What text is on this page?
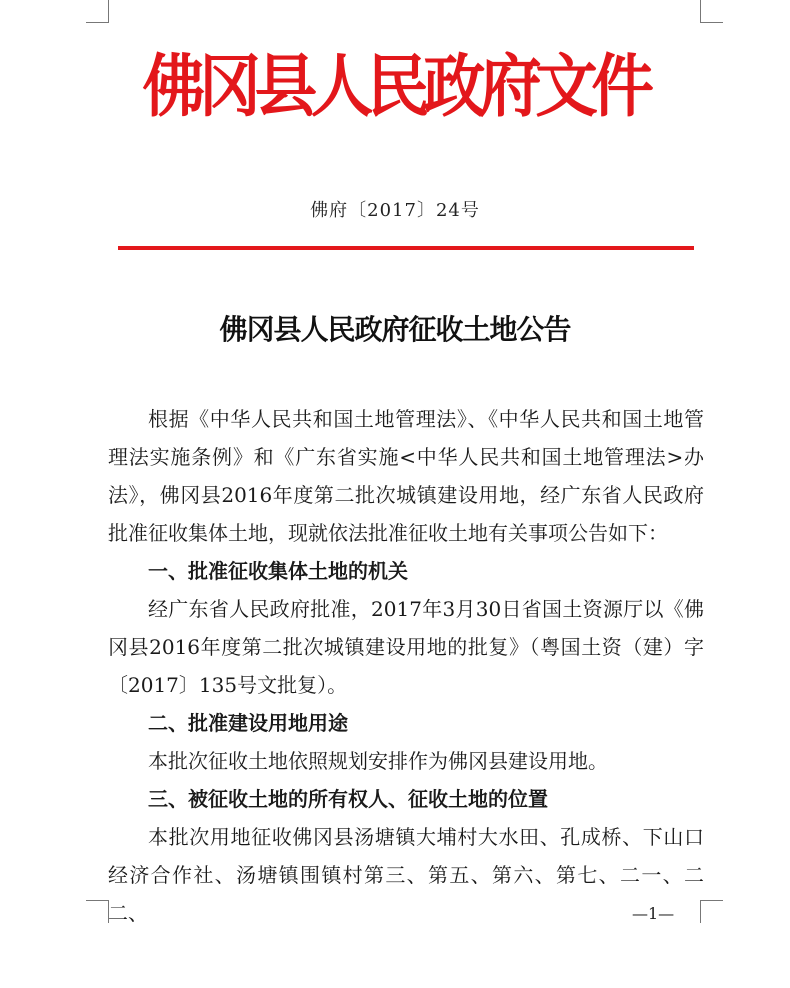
佛冈县人民政府文件
佛府〔2017〕24号
佛冈县人民政府征收土地公告

根据《中华人民共和国土地管理法》、《中华人民共和国土地管理法实施条例》和《广东省实施<中华人民共和国土地管理法>办法》，佛冈县2016年度第二批次城镇建设用地，经广东省人民政府批准征收集体土地，现就依法批准征收土地有关事项公告如下：

一、批准征收集体土地的机关

经广东省人民政府批准，2017年3月30日省国土资源厅以《佛冈县2016年度第二批次城镇建设用地的批复》（粤国土资（建）字〔2017〕135号文批复）。

二、批准建设用地用途

本批次征收土地依照规划安排作为佛冈县建设用地。

三、被征收土地的所有权人、征收土地的位置

本批次用地征收佛冈县汤塘镇大埔村大水田、孔成桥、下山口经济合作社、汤塘镇围镇村第三、第五、第六、第七、二一、二二、	—1—
